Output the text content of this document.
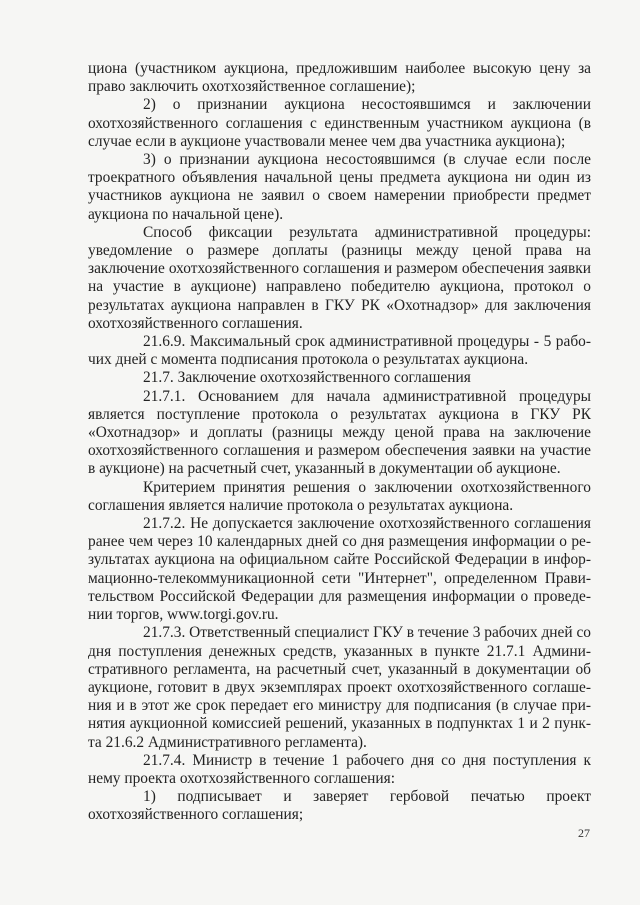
циона (участником аукциона, предложившим наиболее высокую цену за право заключить охотхозяйственное соглашение);

2) о признании аукциона несостоявшимся и заключении охотхозяйственного соглашения с единственным участником аукциона (в случае если в аукционе участвовали менее чем два участника аукциона);

3) о признании аукциона несостоявшимся (в случае если после троекратного объявления начальной цены предмета аукциона ни один из участников аукциона не заявил о своем намерении приобрести предмет аукциона по начальной цене).

Способ фиксации результата административной процедуры: уведомление о размере доплаты (разницы между ценой права на заключение охотхозяйственного соглашения и размером обеспечения заявки на участие в аукционе) направлено победителю аукциона, протокол о результатах аукциона направлен в ГКУ РК «Охотнадзор» для заключения охотхозяйственного соглашения.

21.6.9. Максимальный срок административной процедуры - 5 рабочих дней с момента подписания протокола о результатах аукциона.

21.7. Заключение охотхозяйственного соглашения

21.7.1. Основанием для начала административной процедуры является поступление протокола о результатах аукциона в ГКУ РК «Охотнадзор» и доплаты (разницы между ценой права на заключение охотхозяйственного соглашения и размером обеспечения заявки на участие в аукционе) на расчетный счет, указанный в документации об аукционе.

Критерием принятия решения о заключении охотхозяйственного соглашения является наличие протокола о результатах аукциона.

21.7.2. Не допускается заключение охотхозяйственного соглашения ранее чем через 10 календарных дней со дня размещения информации о результатах аукциона на официальном сайте Российской Федерации в информационно-телекоммуникационной сети "Интернет", определенном Правительством Российской Федерации для размещения информации о проведении торгов, www.torgi.gov.ru.

21.7.3. Ответственный специалист ГКУ в течение 3 рабочих дней со дня поступления денежных средств, указанных в пункте 21.7.1 Административного регламента, на расчетный счет, указанный в документации об аукционе, готовит в двух экземплярах проект охотхозяйственного соглашения и в этот же срок передает его министру для подписания (в случае принятия аукционной комиссией решений, указанных в подпунктах 1 и 2 пункта 21.6.2 Административного регламента).

21.7.4. Министр в течение 1 рабочего дня со дня поступления к нему проекта охотхозяйственного соглашения:

1) подписывает и заверяет гербовой печатью проект охотхозяйственного соглашения;

27
